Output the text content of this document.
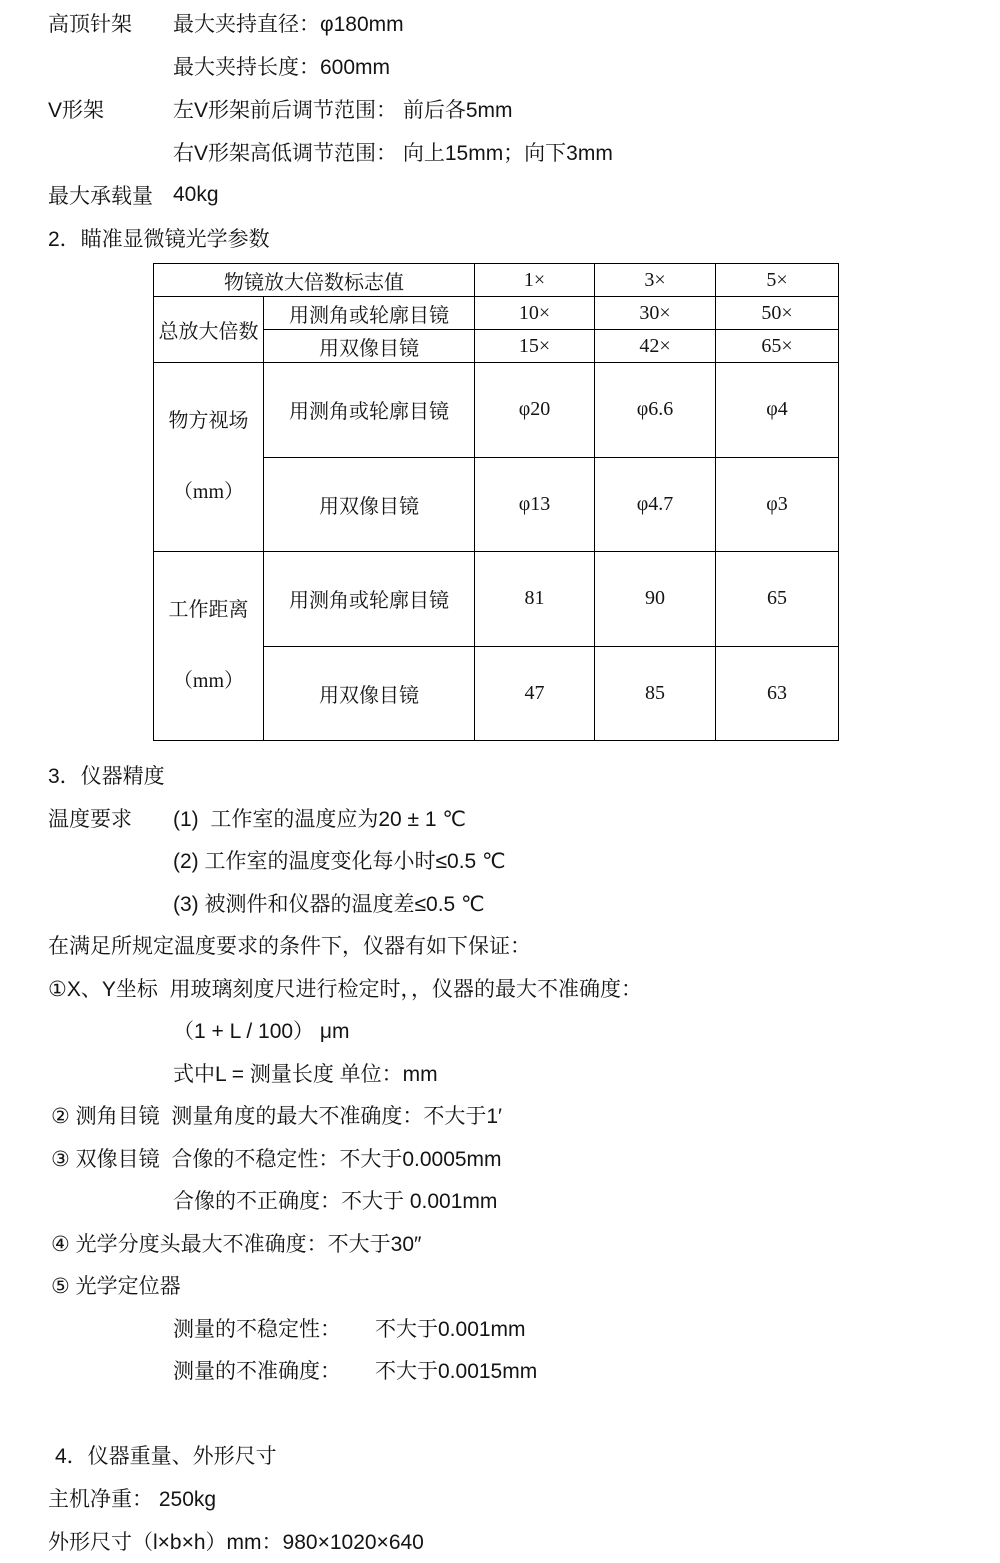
高顶针架	最大夹持直径：φ180mm
最大夹持长度：600mm
V形架	左V形架前后调节范围： 前后各5mm
右V形架高低调节范围： 向上15mm；向下3mm
最大承载量 40kg
2．瞄准显微镜光学参数
物镜放大倍数标志值		1×	3×	5×
总放大倍数	用测角或轮廓目镜	10×	30×	50×
	用双像目镜	15×	42×	65×

物方视场

（mm）	用测角或轮廓目镜	φ20	φ6.6	φ4
	用双像目镜	φ13	φ4.7	φ3

工作距离

（mm）	用测角或轮廓目镜	81	90	65
	用双像目镜	47	85	63
3．仪器精度
温度要求	(1)  工作室的温度应为20 ± 1 ℃
(2) 工作室的温度变化每小时≤0.5 ℃
(3) 被测件和仪器的温度差≤0.5 ℃
在满足所规定温度要求的条件下，仪器有如下保证：
①X、Y坐标  用玻璃刻度尺进行检定时，，仪器的最大不准确度：
（1 + L / 100） μm
式中L = 测量长度 单位：mm
② 测角目镜  测量角度的最大不准确度：不大于1′
③ 双像目镜  合像的不稳定性：不大于0.0005mm
合像的不正确度：不大于 0.001mm
④ 光学分度头最大不准确度：不大于30″
⑤ 光学定位器
测量的不稳定性：	不大于0.001mm
测量的不准确度：	不大于0.0015mm
4．仪器重量、外形尺寸
主机净重： 250kg
外形尺寸（l×b×h）mm：980×1020×640
